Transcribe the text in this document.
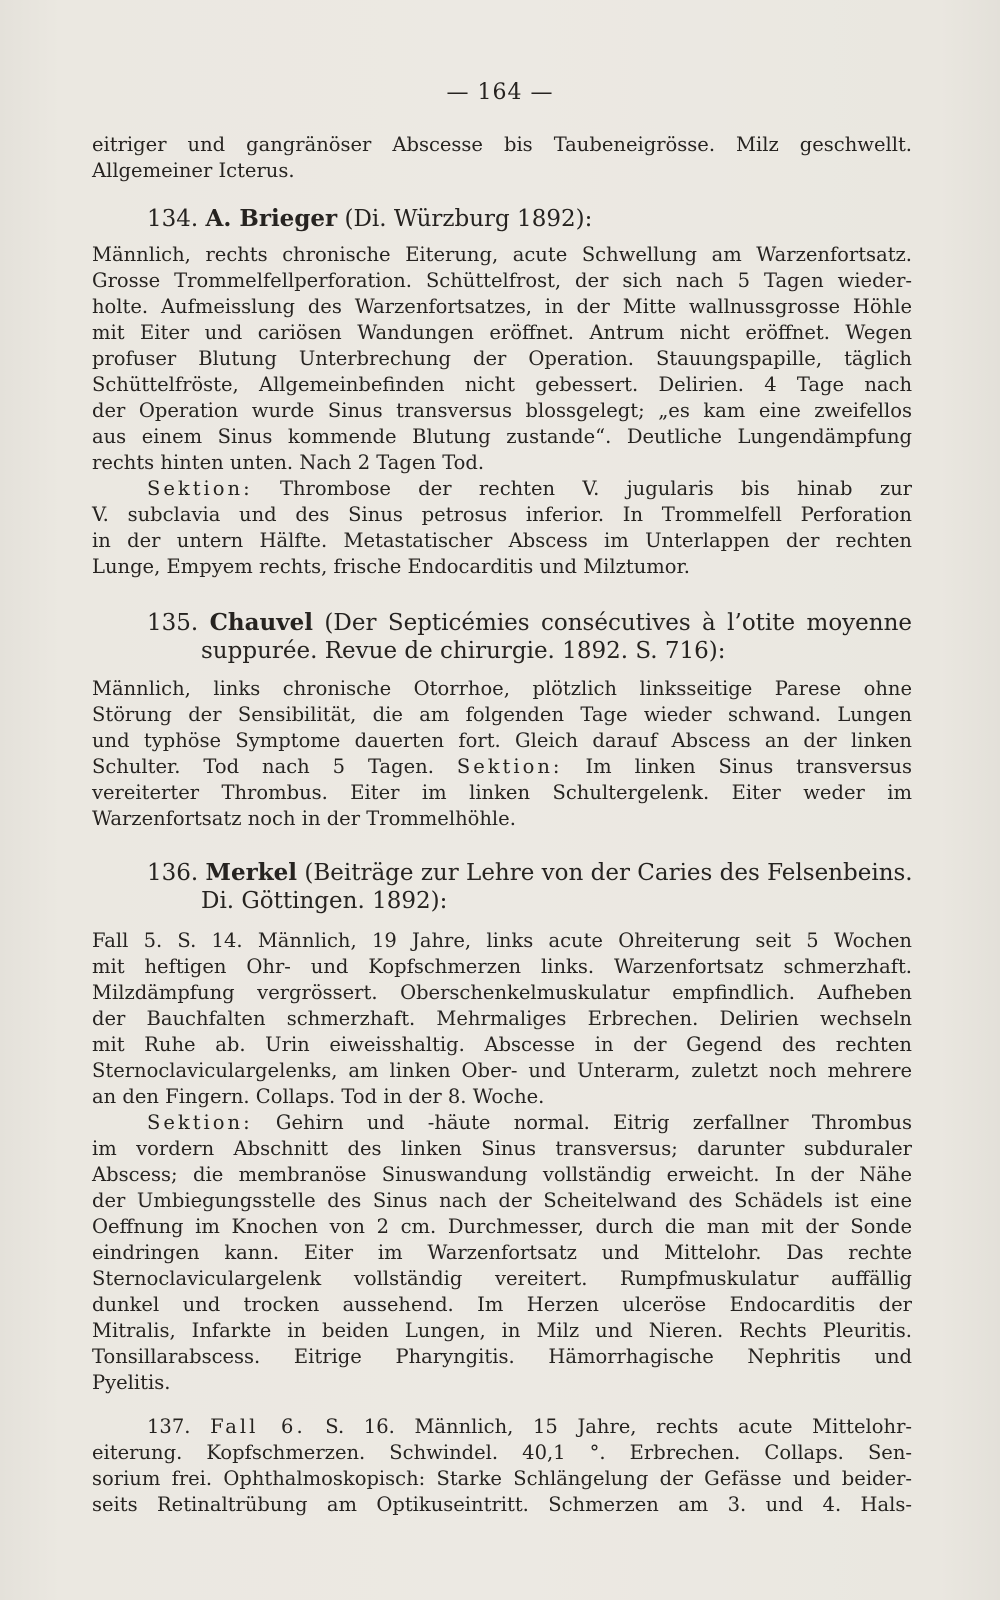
— 164 —
eitriger und gangränöser Abscesse bis Taubeneigrösse. Milz geschwellt.
Allgemeiner Icterus.
134. A. Brieger (Di. Würzburg 1892):
Männlich, rechts chronische Eiterung, acute Schwellung am Warzenfortsatz.
Grosse Trommelfellperforation. Schüttelfrost, der sich nach 5 Tagen wieder-
holte. Aufmeisslung des Warzenfortsatzes, in der Mitte wallnussgrosse Höhle
mit Eiter und cariösen Wandungen eröffnet. Antrum nicht eröffnet. Wegen
profuser Blutung Unterbrechung der Operation. Stauungspapille, täglich
Schüttelfröste, Allgemeinbefinden nicht gebessert. Delirien. 4 Tage nach
der Operation wurde Sinus transversus blossgelegt; „es kam eine zweifellos
aus einem Sinus kommende Blutung zustande“. Deutliche Lungendämpfung
rechts hinten unten. Nach 2 Tagen Tod.
Sektion: Thrombose der rechten V. jugularis bis hinab zur
V. subclavia und des Sinus petrosus inferior. In Trommelfell Perforation
in der untern Hälfte. Metastatischer Abscess im Unterlappen der rechten
Lunge, Empyem rechts, frische Endocarditis und Milztumor.
135. Chauvel (Der Septicémies consécutives à l’otite moyenne
suppurée. Revue de chirurgie. 1892. S. 716):
Männlich, links chronische Otorrhoe, plötzlich linksseitige Parese ohne
Störung der Sensibilität, die am folgenden Tage wieder schwand. Lungen
und typhöse Symptome dauerten fort. Gleich darauf Abscess an der linken
Schulter. Tod nach 5 Tagen. Sektion: Im linken Sinus transversus
vereiterter Thrombus. Eiter im linken Schultergelenk. Eiter weder im
Warzenfortsatz noch in der Trommelhöhle.
136. Merkel (Beiträge zur Lehre von der Caries des Felsenbeins.
Di. Göttingen. 1892):
Fall 5. S. 14. Männlich, 19 Jahre, links acute Ohreiterung seit 5 Wochen
mit heftigen Ohr- und Kopfschmerzen links. Warzenfortsatz schmerzhaft.
Milzdämpfung vergrössert. Oberschenkelmuskulatur empfindlich. Aufheben
der Bauchfalten schmerzhaft. Mehrmaliges Erbrechen. Delirien wechseln
mit Ruhe ab. Urin eiweisshaltig. Abscesse in der Gegend des rechten
Sternoclaviculargelenks, am linken Ober- und Unterarm, zuletzt noch mehrere
an den Fingern. Collaps. Tod in der 8. Woche.
Sektion: Gehirn und -häute normal. Eitrig zerfallner Thrombus
im vordern Abschnitt des linken Sinus transversus; darunter subduraler
Abscess; die membranöse Sinuswandung vollständig erweicht. In der Nähe
der Umbiegungsstelle des Sinus nach der Scheitelwand des Schädels ist eine
Oeffnung im Knochen von 2 cm. Durchmesser, durch die man mit der Sonde
eindringen kann. Eiter im Warzenfortsatz und Mittelohr. Das rechte
Sternoclaviculargelenk vollständig vereitert. Rumpfmuskulatur auffällig
dunkel und trocken aussehend. Im Herzen ulceröse Endocarditis der
Mitralis, Infarkte in beiden Lungen, in Milz und Nieren. Rechts Pleuritis.
Tonsillarabscess. Eitrige Pharyngitis. Hämorrhagische Nephritis und
Pyelitis.
137. Fall 6. S. 16. Männlich, 15 Jahre, rechts acute Mittelohr-
eiterung. Kopfschmerzen. Schwindel. 40,1 °. Erbrechen. Collaps. Sen-
sorium frei. Ophthalmoskopisch: Starke Schlängelung der Gefässe und beider-
seits Retinaltrübung am Optikuseintritt. Schmerzen am 3. und 4. Hals-
